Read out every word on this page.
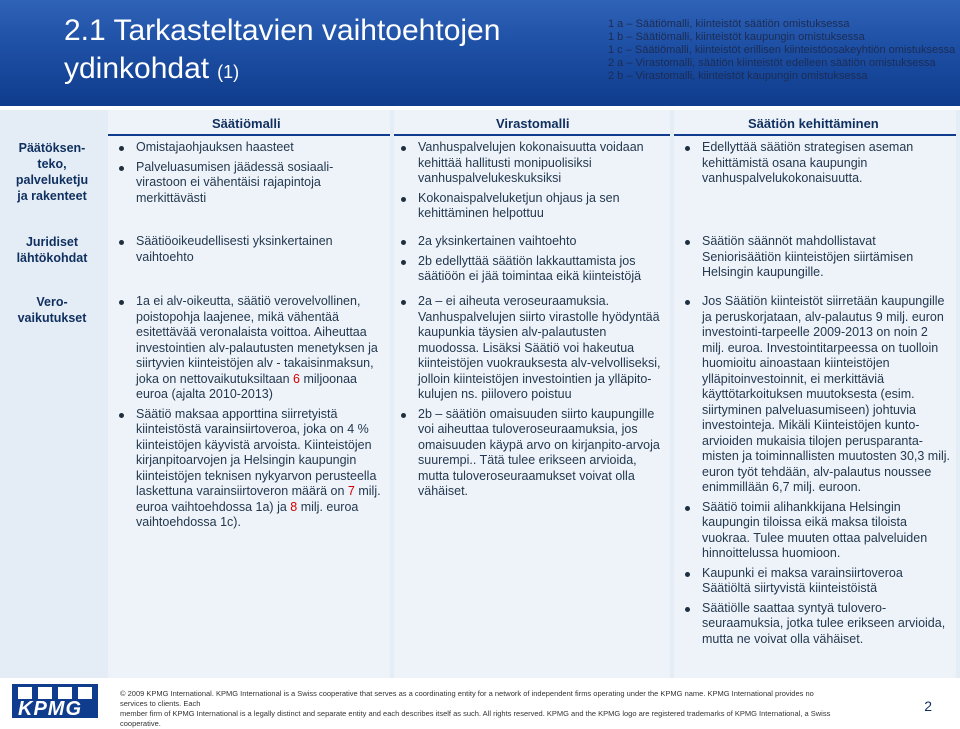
2.1 Tarkasteltavien vaihtoehtojen
ydinkohdat (1)
1 a – Säätiömalli, kiinteistöt säätiön omistuksessa
1 b – Säätiömalli, kiinteistöt kaupungin omistuksessa
1 c – Säätiömalli, kiinteistöt erillisen kiinteistöosakeyhtiön omistuksessa
2 a – Virastomalli, säätiön kiinteistöt edelleen säätiön omistuksessa
2 b – Virastomalli, kiinteistöt kaupungin omistuksessa
Säätiömalli	Virastomalli	Säätiön kehittäminen
Päätöksen-
teko,
palveluketju
ja rakenteet
Omistajaohjauksen haasteet
Palveluasumisen jäädessä sosiaali-virastoon ei vähentäisi rajapintoja merkittävästi
Vanhuspalvelujen kokonaisuutta voidaan kehittää hallitusti monipuolisiksi vanhuspalvelukeskuksiksi
Kokonaispalveluketjun ohjaus ja sen kehittäminen helpottuu
Edellyttää säätiön strategisen aseman kehittämistä osana kaupungin vanhuspalvelukokonaisuutta.
Juridiset
lähtökohdat
Säätiöoikeudellisesti yksinkertainen vaihtoehto
2a yksinkertainen vaihtoehto
2b edellyttää säätiön lakkauttamista jos säätiöön ei jää toimintaa eikä kiinteistöjä
Säätiön säännöt mahdollistavat Seniorisäätiön kiinteistöjen siirtämisen Helsingin kaupungille.
Vero-
vaikutukset
1a ei alv-oikeutta, säätiö verovelvollinen, poistopohja laajenee, mikä vähentää esitettävää veronalaista voittoa. Aiheuttaa investointien alv-palautusten menetyksen ja siirtyvien kiinteistöjen alv - takaisinmaksun, joka on nettovaikutuksiltaan 6 miljoonaa euroa (ajalta 2010-2013)
Säätiö maksaa apporttina siirretyistä kiinteistöstä varainsiirtoveroa, joka on 4 % kiinteistöjen käyvistä arvoista. Kiinteistöjen kirjanpitoarvojen ja Helsingin kaupungin kiinteistöjen teknisen nykyarvon perusteella laskettuna varainsiirtoveron määrä on 7 milj. euroa vaihtoehdossa 1a) ja 8 milj. euroa vaihtoehdossa 1c).
2a – ei aiheuta veroseuraamuksia. Vanhuspalvelujen siirto virastolle hyödyntää kaupunkia täysien alv-palautusten muodossa. Lisäksi Säätiö voi hakeutua kiinteistöjen vuokrauksesta alv-velvolliseksi, jolloin kiinteistöjen investointien ja ylläpito-kulujen ns. piilovero poistuu
2b – säätiön omaisuuden siirto kaupungille voi aiheuttaa tuloveroseuraamuksia, jos omaisuuden käypä arvo on kirjanpito-arvoja suurempi.. Tätä tulee erikseen arvioida, mutta tuloveroseuraamukset voivat olla vähäiset.
Jos Säätiön kiinteistöt siirretään kaupungille ja peruskorjataan, alv-palautus 9 milj. euron investointi-tarpeelle 2009-2013 on noin 2 milj. euroa. Investointitarpeessa on tuolloin huomioitu ainoastaan kiinteistöjen ylläpitoinvestoinnit, ei merkittäviä käyttötarkoituksen muutoksesta (esim. siirtyminen palveluasumiseen) johtuvia investointeja. Mikäli Kiinteistöjen kunto-arvioiden mukaisia tilojen perusparanta-misten ja toiminnallisten muutosten 30,3 milj. euron työt tehdään, alv-palautus noussee enimmillään 6,7 milj. euroon.
Säätiö toimii alihankkijana Helsingin kaupungin tiloissa eikä maksa tiloista vuokraa. Tulee muuten ottaa palveluiden hinnoittelussa huomioon.
Kaupunki ei maksa varainsiirtoveroa Säätiöltä siirtyvistä kiinteistöistä
Säätiölle saattaa syntyä tulovero-seuraamuksia, jotka tulee erikseen arvioida, mutta ne voivat olla vähäiset.
KPMG
© 2009 KPMG International. KPMG International is a Swiss cooperative that serves as a coordinating entity for a network of independent firms operating under the KPMG name. KPMG International provides no services to clients. Each
member firm of KPMG International is a legally distinct and separate entity and each describes itself as such. All rights reserved. KPMG and the KPMG logo are registered trademarks of KPMG International, a Swiss cooperative.
2
